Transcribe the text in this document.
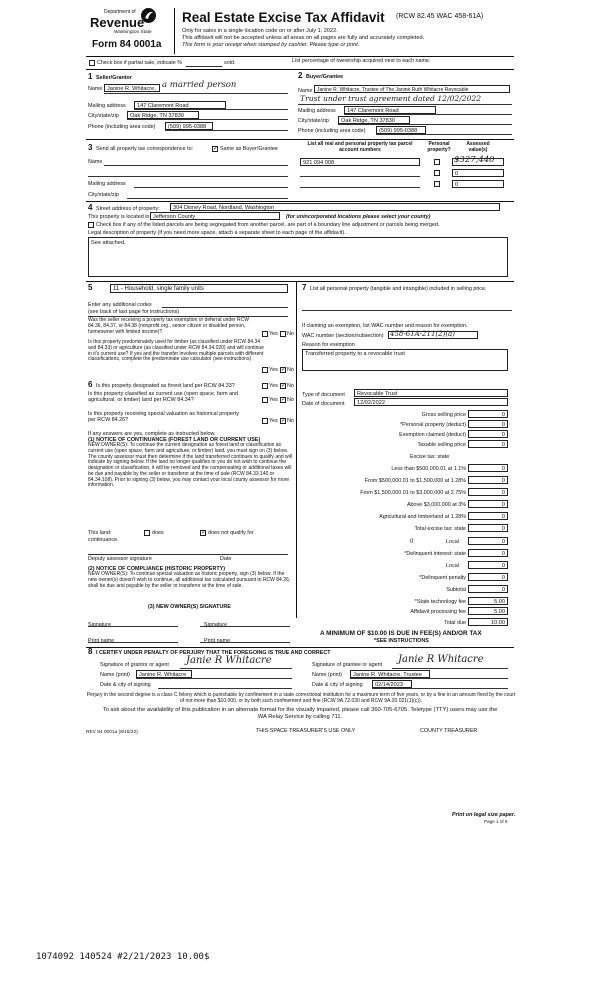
Department of
Revenue
Washington State
Form 84 0001a
Real Estate Excise Tax Affidavit (RCW 82.45 WAC 458-61A)
Only for sales in a single location code on or after July 1, 2022.
This affidavit will not be accepted unless all areas on all pages are fully and accurately completed.
This form is your receipt when stamped by cashier. Please type or print.
Check box if partial sale, indicate %	sold.	List percentage of ownership acquired next to each name.
1 Seller/Grantor
Name Janine R. Whitacre, a married person
Mailing address	147 Claremont Road
City/state/zip	Oak Ridge, TN 37830
Phone (including area code)	(509) 995-0388
2 Buyer/Grantee
Name Janine R. Whitacre, Trustee of The Janine Ruth Whitacre Revocable
Trust under trust agreement dated 12/02/2022
Mailing address	147 Claremont Road
City/state/zip	Oak Ridge, TN 37830
Phone (including area code)	(509) 995-0388
3 Send all property tax correspondence to:	✓ Same as Buyer/Grantee
Name
Mailing address
City/state/zip
List all real and personal property tax parcel account numbers
Personal property?
Assessed value(s)
921 094 008	$327,440
0
0
4 Street address of property:	304 Disney Road, Nordland, Washington
This property is located in Jefferson County	(for unincorporated locations please select your county)
Check box if any of the listed parcels are being segregated from another parcel, are part of a boundary line adjustment or parcels being merged.
Legal description of property (if you need more space, attach a separate sheet to each page of the affidavit).
See attached.
5	11 - Household, single family units
Enter any additional codes
(see back of last page for instructions)
Was the seller receiving a property tax exemption or deferral under RCW 84.36, 84.37, or 84.38 (nonprofit org., senior citizen or disabled person, homeowner with limited income)?	Yes No
Is this property predominately used for timber (as classified under RCW 84.34 and 84.33) or agriculture (as classified under RCW 84.34.020) and will continue in it's current use? If yes and the transfer involves multiple parcels with different classifications, complete the predominate use calculator (see instructions)
Yes ✓ No
6 Is this property designated as forest land per RCW 84.33?	Yes ✓ No
Is this property classified as current use (open space, farm and agricultural, or timber) land per RCW 84.34?	Yes ✓ No
Is this property receiving special valuation as historical property per RCW 84.26?	Yes ✓ No
If any answers are yes, complete as instructed below.
(1) NOTICE OF CONTINUANCE (FOREST LAND OR CURRENT USE)
NEW OWNER(S): To continue the current designation as forest land or classification as current use (open space, farm and agriculture, or timber) land, you must sign on (3) below. The county assessor must then determine if the land transferred continues to qualify and will indicate by signing below. If the land no longer qualifies or you do not wish to continue the designation or classification, it will be removed and the compensating or additional taxes will be due and payable by the seller or transferor at the time of sale (RCW 84.33.140 or 84.34.108). Prior to signing (3) below, you may contact your local county assessor for more information.
This land:	does	✓ does not qualify for
continuance.
Deputy assessor signature	Date
(2) NOTICE OF COMPLIANCE (HISTORIC PROPERTY)
NEW OWNER(S): To continue special valuation as historic property, sign (3) below. If the new owner(s) doesn't wish to continue, all additional tax calculated pursuant to RCW 84.26, shall be due and payable by the seller or transferor at the time of sale.
(3) NEW OWNER(S) SIGNATURE
Signature	Signature
Print name	Print name
7 List all personal property (tangible and intangible) included in selling price.
If claiming an exemption, list WAC number and reason for exemption.
WAC number (section/subsection) 458-61A-211(2)(a)
Reason for exemption
Transferred property to a revocable trust
Type of document	Revocable Trust
Date of document	12/02/2022
Gross selling price	0
*Personal property (deduct)	0
Exemption claimed (deduct)	0
Taxable selling price	0
Excise tax: state
Less than $500,000.01 at 1.1%	0
From $500,000.01 to $1,500,000 at 1.28%	0
From $1,500,000.01 to $3,000,000 at 2.75%	0
Above $3,000,000 at 3%	0
Agricultural and timberland at 1.28%	0
Total excise tax: state	0
0	Local	0
*Delinquent interest: state	0
Local	0
*Delinquent penalty	0
Subtotal	0
*State technology fee	5.00
Affidavit processing fee	5.00
Total due	10.00
A MINIMUM OF $10.00 IS DUE IN FEE(S) AND/OR TAX
*SEE INSTRUCTIONS
8 I CERTIFY UNDER PENALTY OF PERJURY THAT THE FOREGOING IS TRUE AND CORRECT
Signature of grantor or agent Janie R Whitacre
Name (print)	Janine R. Whitacre
Date & city of signing
Signature of grantee or agent Janie R Whitacre
Name (print)	Janine R. Whitacre, Trustee
Date & city of signing	02/14/2023
Perjury in the second degree is a class C felony which is punishable by confinement in a state correctional institution for a maximum term of five years, or by a fine in an amount fixed by the court of not more than $10,000, or by both such confinement and fine (RCW 9A.72.030 and RCW 9A.20.021(1)(c)).
To ask about the availability of this publication in an alternate format for the visually impaired, please call 360-705-6705. Teletype (TTY) users may use the WA Relay Service by calling 711.
REV 84 0001a (8/15/22)	THIS SPACE TREASURER'S USE ONLY	COUNTY TREASURER
Print on legal size paper.
Page 1 of 6
1074092 140524 #2/21/2023 10.00$
